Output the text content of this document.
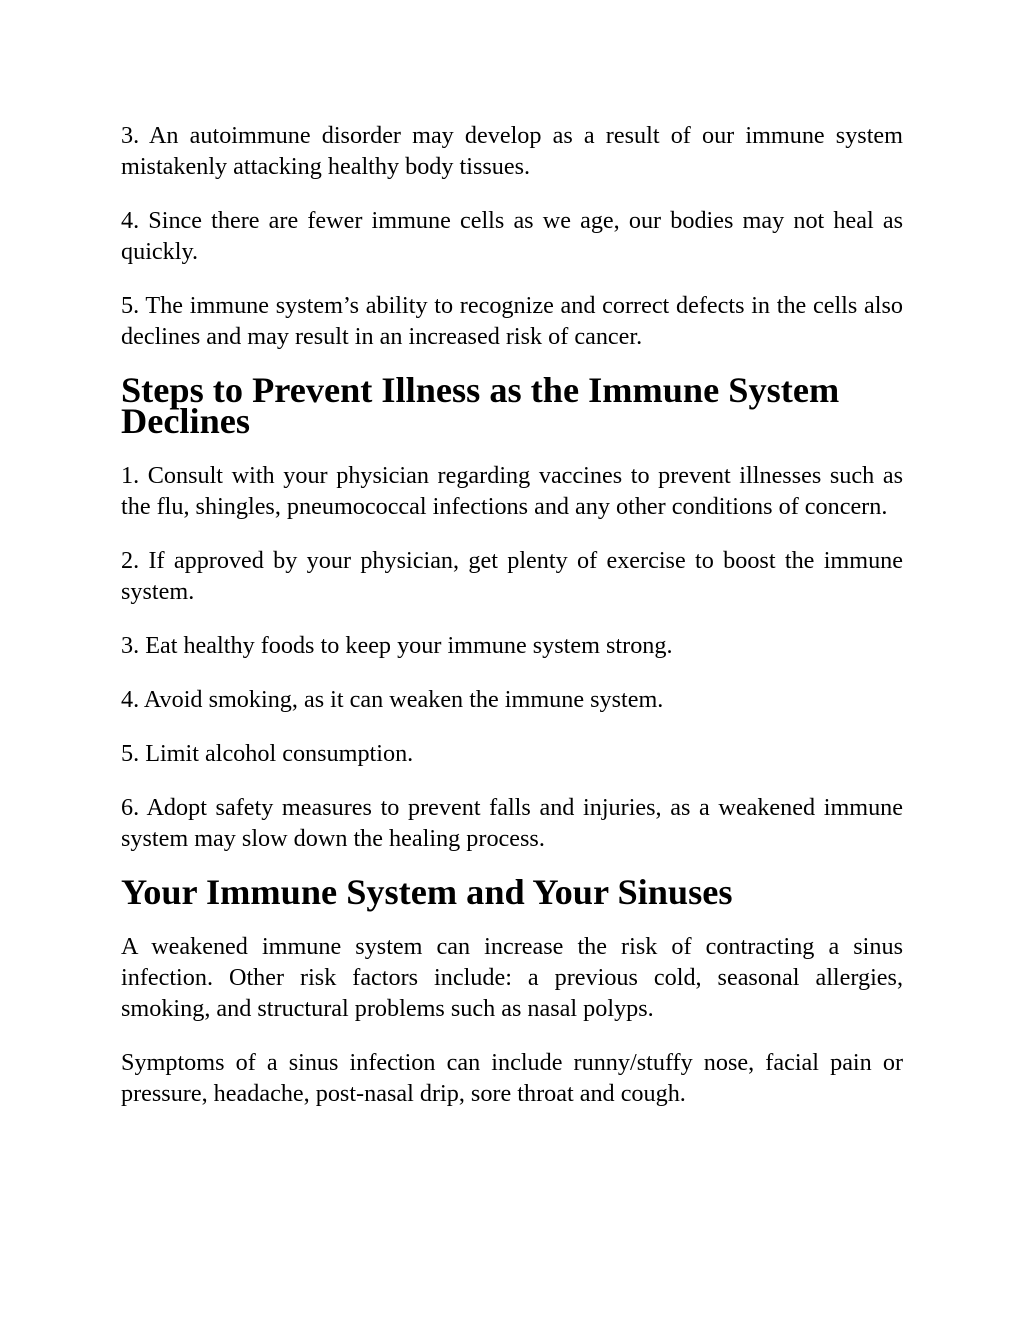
3. An autoimmune disorder may develop as a result of our immune system mistakenly attacking healthy body tissues.

4. Since there are fewer immune cells as we age, our bodies may not heal as quickly.

5. The immune system’s ability to recognize and correct defects in the cells also declines and may result in an increased risk of cancer.

Steps to Prevent Illness as the Immune System Declines

1. Consult with your physician regarding vaccines to prevent illnesses such as the flu, shingles, pneumococcal infections and any other conditions of concern.

2. If approved by your physician, get plenty of exercise to boost the immune system.

3. Eat healthy foods to keep your immune system strong.

4. Avoid smoking, as it can weaken the immune system.

5. Limit alcohol consumption.

6. Adopt safety measures to prevent falls and injuries, as a weakened immune system may slow down the healing process.

Your Immune System and Your Sinuses

A weakened immune system can increase the risk of contracting a sinus infection. Other risk factors include: a previous cold, seasonal allergies, smoking, and structural problems such as nasal polyps.

Symptoms of a sinus infection can include runny/stuffy nose, facial pain or pressure, headache, post-nasal drip, sore throat and cough.
